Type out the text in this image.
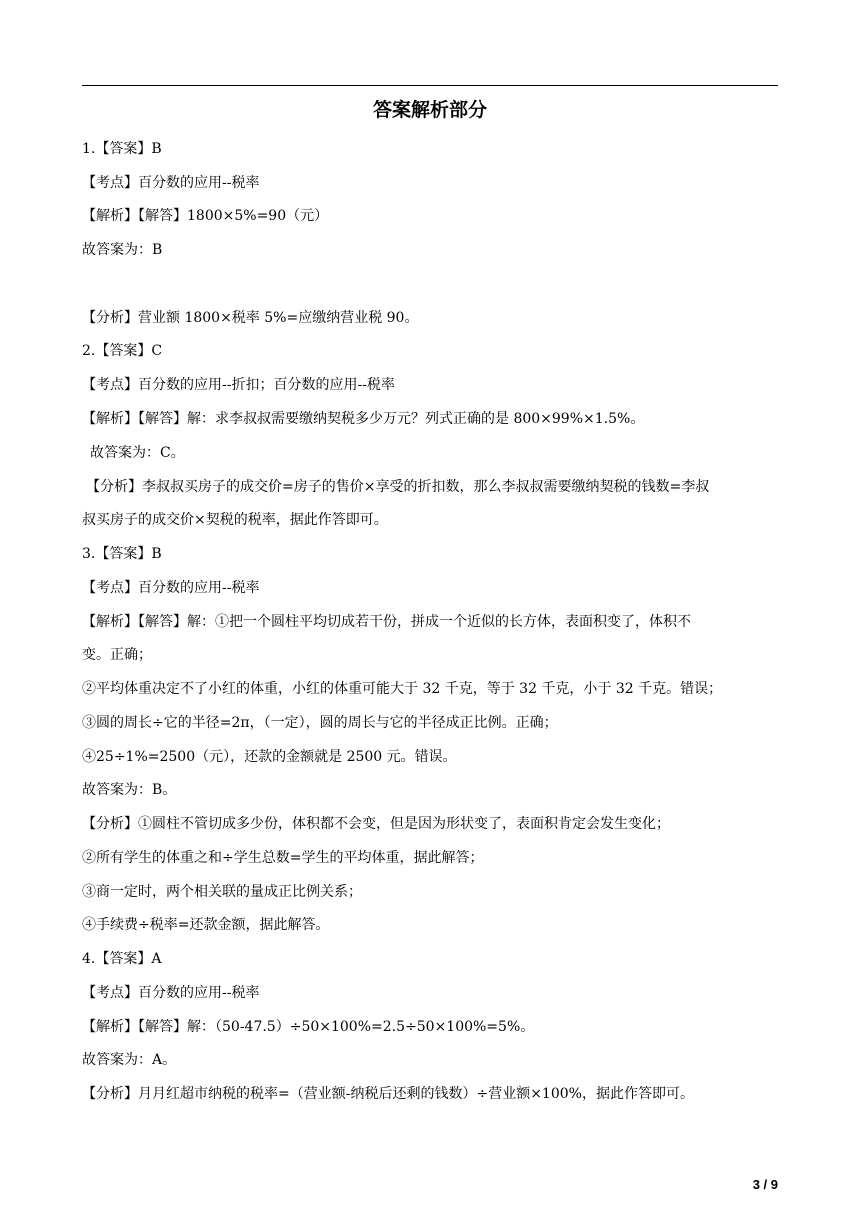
答案解析部分
1.【答案】B
【考点】百分数的应用--税率
【解析】【解答】1800×5%=90（元）
故答案为：B
【分析】营业额 1800×税率 5%=应缴纳营业税 90。
2.【答案】C
【考点】百分数的应用--折扣；百分数的应用--税率
【解析】【解答】解：求李叔叔需要缴纳契税多少万元？列式正确的是 800×99%×1.5%。
故答案为：C。
【分析】李叔叔买房子的成交价=房子的售价×享受的折扣数，那么李叔叔需要缴纳契税的钱数=李叔
叔买房子的成交价×契税的税率，据此作答即可。
3.【答案】B
【考点】百分数的应用--税率
【解析】【解答】解：①把一个圆柱平均切成若干份，拼成一个近似的长方体，表面积变了，体积不
变。正确；
②平均体重决定不了小红的体重，小红的体重可能大于 32 千克，等于 32 千克，小于 32 千克。错误；
③圆的周长÷它的半径=2π，（一定），圆的周长与它的半径成正比例。正确；
④25÷1%=2500（元），还款的金额就是 2500 元。错误。
故答案为：B。
【分析】①圆柱不管切成多少份，体积都不会变，但是因为形状变了，表面积肯定会发生变化；
②所有学生的体重之和÷学生总数=学生的平均体重，据此解答；
③商一定时，两个相关联的量成正比例关系；
④手续费÷税率=还款金额，据此解答。
4.【答案】A
【考点】百分数的应用--税率
【解析】【解答】解：（50-47.5）÷50×100%=2.5÷50×100%=5%。
故答案为：A。
【分析】月月红超市纳税的税率=（营业额-纳税后还剩的钱数）÷营业额×100%，据此作答即可。
3 / 9
